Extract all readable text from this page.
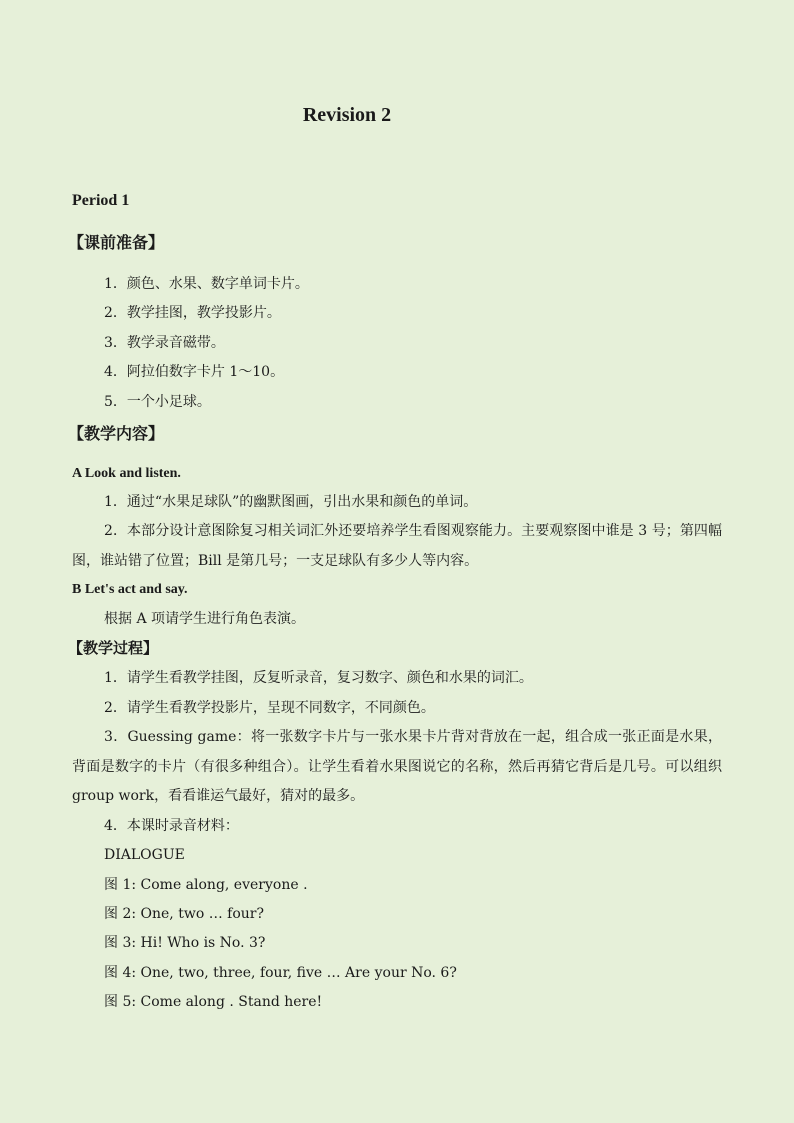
Revision 2
Period 1
【课前准备】
1．颜色、水果、数字单词卡片。
2．教学挂图，教学投影片。
3．教学录音磁带。
4．阿拉伯数字卡片 1～10。
5．一个小足球。
【教学内容】
A Look and listen.
1．通过“水果足球队”的幽默图画，引出水果和颜色的单词。
2．本部分设计意图除复习相关词汇外还要培养学生看图观察能力。主要观察图中谁是 3 号；第四幅图，谁站错了位置；Bill 是第几号；一支足球队有多少人等内容。
B Let's act and say.
根据 A 项请学生进行角色表演。
【教学过程】
1．请学生看教学挂图，反复听录音，复习数字、颜色和水果的词汇。
2．请学生看教学投影片，呈现不同数字，不同颜色。
3．Guessing game：将一张数字卡片与一张水果卡片背对背放在一起，组合成一张正面是水果，背面是数字的卡片（有很多种组合）。让学生看着水果图说它的名称，然后再猜它背后是几号。可以组织 group work，看看谁运气最好，猜对的最多。
4．本课时录音材料：
DIALOGUE
图 1: Come along, everyone .
图 2: One, two … four?
图 3: Hi! Who is No. 3?
图 4: One, two, three, four, five … Are your No. 6?
图 5: Come along . Stand here!
